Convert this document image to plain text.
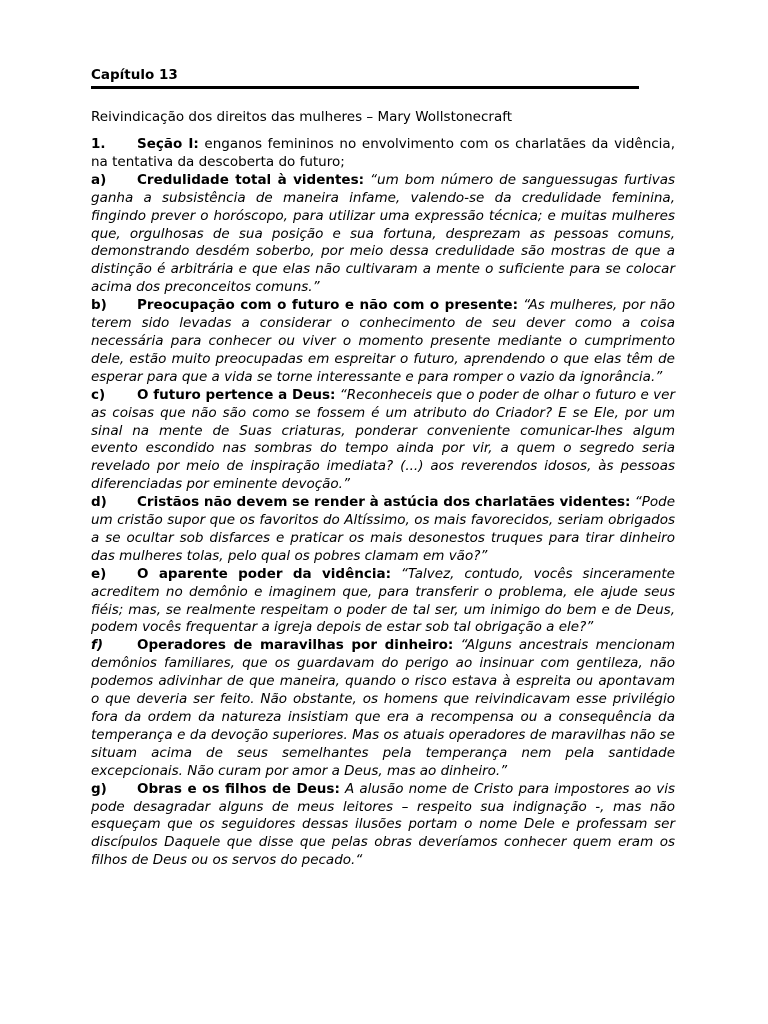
Capítulo 13
Reivindicação dos direitos das mulheres – Mary Wollstonecraft

1. Seção I: enganos femininos no envolvimento com os charlatães da vidência, na tentativa da descoberta do futuro;

a) Credulidade total à videntes: “um bom número de sanguessugas furtivas ganha a subsistência de maneira infame, valendo-se da credulidade feminina, fingindo prever o horóscopo, para utilizar uma expressão técnica; e muitas mulheres que, orgulhosas de sua posição e sua fortuna, desprezam as pessoas comuns, demonstrando desdém soberbo, por meio dessa credulidade são mostras de que a distinção é arbitrária e que elas não cultivaram a mente o suficiente para se colocar acima dos preconceitos comuns.”

b) Preocupação com o futuro e não com o presente: “As mulheres, por não terem sido levadas a considerar o conhecimento de seu dever como a coisa necessária para conhecer ou viver o momento presente mediante o cumprimento dele, estão muito preocupadas em espreitar o futuro, aprendendo o que elas têm de esperar para que a vida se torne interessante e para romper o vazio da ignorância.”

c) O futuro pertence a Deus: “Reconheceis que o poder de olhar o futuro e ver as coisas que não são como se fossem é um atributo do Criador? E se Ele, por um sinal na mente de Suas criaturas, ponderar conveniente comunicar-lhes algum evento escondido nas sombras do tempo ainda por vir, a quem o segredo seria revelado por meio de inspiração imediata? (...) aos reverendos idosos, às pessoas diferenciadas por eminente devoção.”

d) Cristãos não devem se render à astúcia dos charlatães videntes: “Pode um cristão supor que os favoritos do Altíssimo, os mais favorecidos, seriam obrigados a se ocultar sob disfarces e praticar os mais desonestos truques para tirar dinheiro das mulheres tolas, pelo qual os pobres clamam em vão?”

e) O aparente poder da vidência: “Talvez, contudo, vocês sinceramente acreditem no demônio e imaginem que, para transferir o problema, ele ajude seus fiéis; mas, se realmente respeitam o poder de tal ser, um inimigo do bem e de Deus, podem vocês frequentar a igreja depois de estar sob tal obrigação a ele?”

f)	Operadores de maravilhas por dinheiro: “Alguns ancestrais mencionam demônios familiares, que os guardavam do perigo ao insinuar com gentileza, não podemos adivinhar de que maneira, quando o risco estava à espreita ou apontavam o que deveria ser feito. Não obstante, os homens que reivindicavam esse privilégio fora da ordem da natureza insistiam que era a recompensa ou a consequência da temperança e da devoção superiores. Mas os atuais operadores de maravilhas não se situam acima de seus semelhantes pela temperança nem pela santidade excepcionais. Não curam por amor a Deus, mas ao dinheiro.”

g) Obras e os filhos de Deus: A alusão nome de Cristo para impostores ao vis pode desagradar alguns de meus leitores – respeito sua indignação -, mas não esqueçam que os seguidores dessas ilusões portam o nome Dele e professam ser discípulos Daquele que disse que pelas obras deveríamos conhecer quem eram os filhos de Deus ou os servos do pecado.“
